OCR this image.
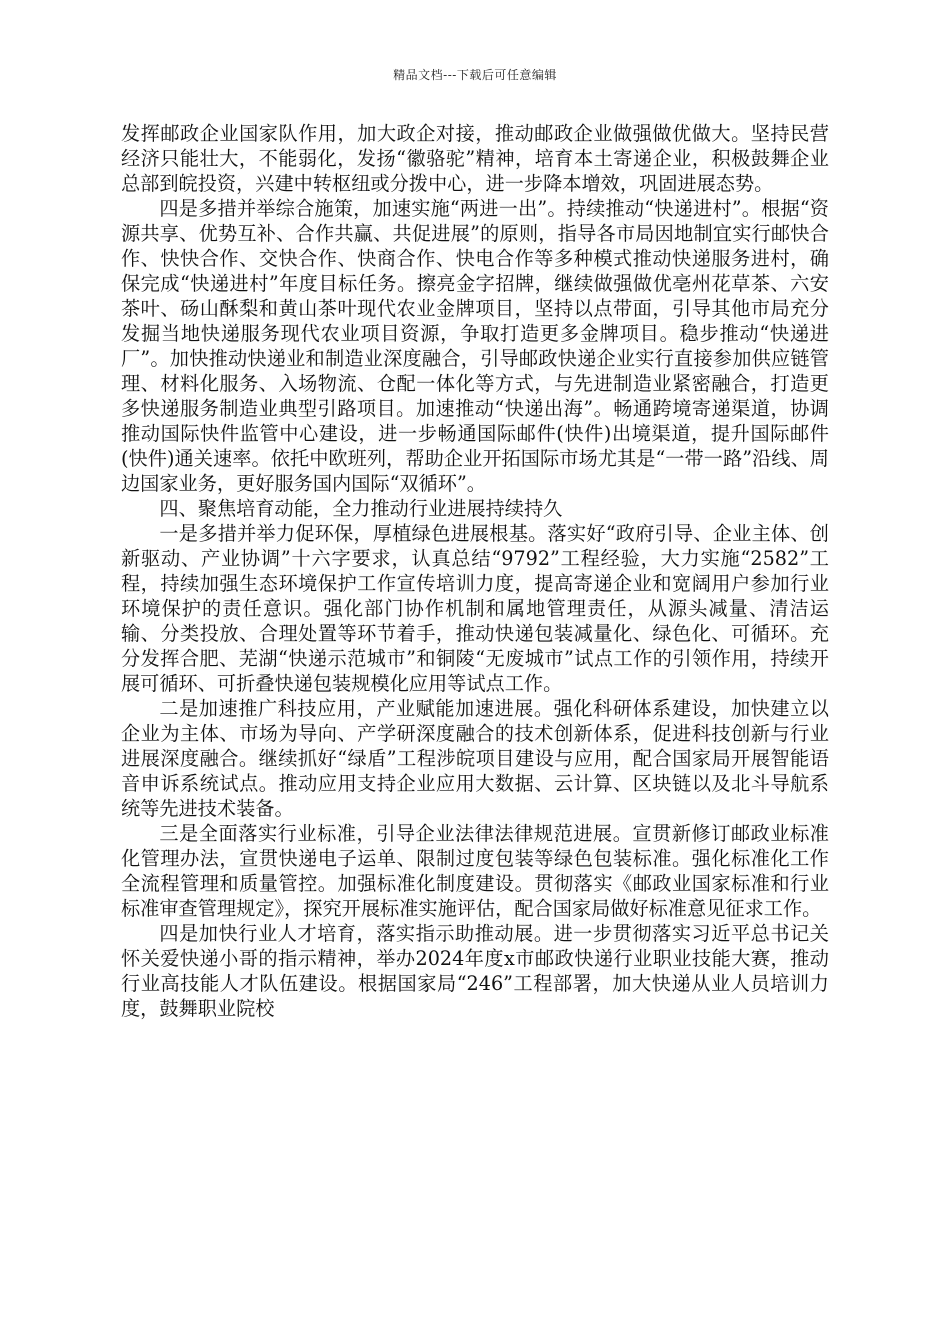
精品文档---下载后可任意编辑

发挥邮政企业国家队作用，加大政企对接，推动邮政企业做强做优做大。坚持民营经济只能壮大，不能弱化，发扬“徽骆驼”精神，培育本土寄递企业，积极鼓舞企业总部到皖投资，兴建中转枢纽或分拨中心，进一步降本增效，巩固进展态势。

四是多措并举综合施策，加速实施“两进一出”。持续推动“快递进村”。根据“资源共享、优势互补、合作共赢、共促进展”的原则，指导各市局因地制宜实行邮快合作、快快合作、交快合作、快商合作、快电合作等多种模式推动快递服务进村，确保完成“快递进村”年度目标任务。擦亮金字招牌，继续做强做优亳州花草茶、六安茶叶、砀山酥梨和黄山茶叶现代农业金牌项目，坚持以点带面，引导其他市局充分发掘当地快递服务现代农业项目资源，争取打造更多金牌项目。稳步推动“快递进厂”。加快推动快递业和制造业深度融合，引导邮政快递企业实行直接参加供应链管理、材料化服务、入场物流、仓配一体化等方式，与先进制造业紧密融合，打造更多快递服务制造业典型引路项目。加速推动“快递出海”。畅通跨境寄递渠道，协调推动国际快件监管中心建设，进一步畅通国际邮件(快件)出境渠道，提升国际邮件(快件)通关速率。依托中欧班列，帮助企业开拓国际市场尤其是“一带一路”沿线、周边国家业务，更好服务国内国际“双循环”。

四、聚焦培育动能，全力推动行业进展持续持久

一是多措并举力促环保，厚植绿色进展根基。落实好“政府引导、企业主体、创新驱动、产业协调”十六字要求，认真总结“9792”工程经验，大力实施“2582”工程，持续加强生态环境保护工作宣传培训力度，提高寄递企业和宽阔用户参加行业环境保护的责任意识。强化部门协作机制和属地管理责任，从源头减量、清洁运输、分类投放、合理处置等环节着手，推动快递包装减量化、绿色化、可循环。充分发挥合肥、芜湖“快递示范城市”和铜陵“无废城市”试点工作的引领作用，持续开展可循环、可折叠快递包装规模化应用等试点工作。

二是加速推广科技应用，产业赋能加速进展。强化科研体系建设，加快建立以企业为主体、市场为导向、产学研深度融合的技术创新体系，促进科技创新与行业进展深度融合。继续抓好“绿盾”工程涉皖项目建设与应用，配合国家局开展智能语音申诉系统试点。推动应用支持企业应用大数据、云计算、区块链以及北斗导航系统等先进技术装备。

三是全面落实行业标准，引导企业法律法律规范进展。宣贯新修订邮政业标准化管理办法，宣贯快递电子运单、限制过度包装等绿色包装标准。强化标准化工作全流程管理和质量管控。加强标准化制度建设。贯彻落实《邮政业国家标准和行业标准审查管理规定》，探究开展标准实施评估，配合国家局做好标准意见征求工作。

四是加快行业人才培育，落实指示助推动展。进一步贯彻落实习近平总书记关怀关爱快递小哥的指示精神，举办2024年度x市邮政快递行业职业技能大赛，推动行业高技能人才队伍建设。根据国家局“246”工程部署，加大快递从业人员培训力度，鼓舞职业院校
